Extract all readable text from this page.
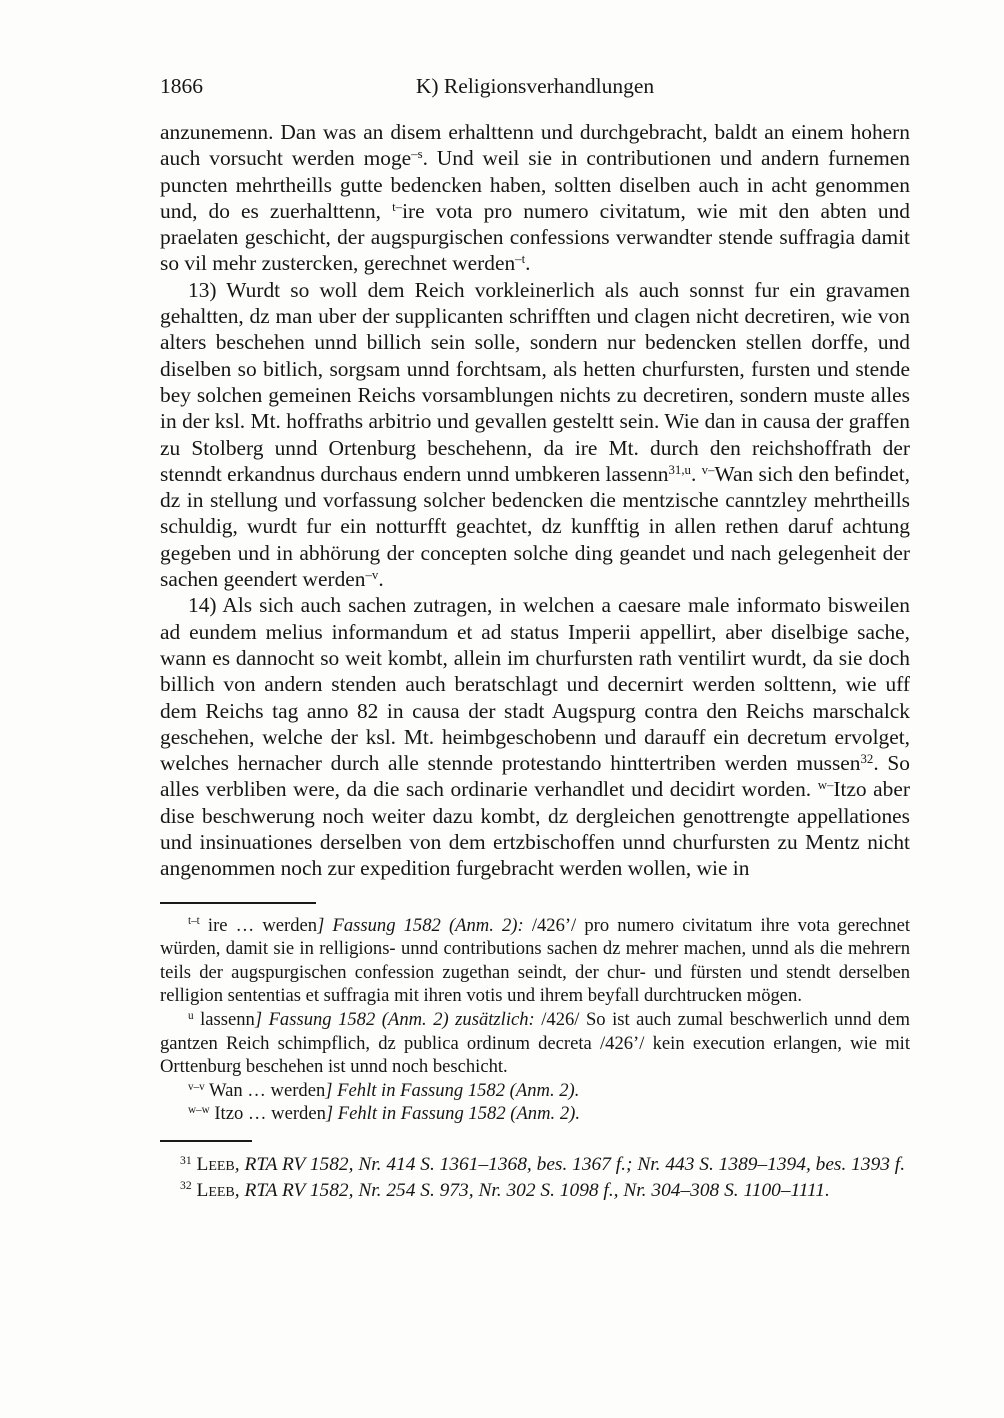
1866	K) Religionsverhandlungen

anzunemenn. Dan was an disem erhalttenn und durchgebracht, baldt an einem hohern auch vorsucht werden moge$^{-s}$. Und weil sie in contributionen und andern furnemen puncten mehrtheills gutte bedencken haben, soltten diselben auch in acht genommen und, do es zuerhalttenn, $^{t-}$ire vota pro numero civitatum, wie mit den abten und praelaten geschicht, der augspurgischen confessions verwandter stende suffragia damit so vil mehr zustercken, gerechnet werden$^{-t}$.

13) Wurdt so woll dem Reich vorkleinerlich als auch sonnst fur ein gravamen gehaltten, dz man uber der supplicanten schrifften und clagen nicht decretiren, wie von alters beschehen unnd billich sein solle, sondern nur bedencken stellen dorffe, und diselben so bitlich, sorgsam unnd forchtsam, als hetten churfursten, fursten und stende bey solchen gemeinen Reichs vorsamblungen nichts zu decretiren, sondern muste alles in der ksl. Mt. hoffraths arbitrio und gevallen gesteltt sein. Wie dan in causa der graffen zu Stolberg unnd Ortenburg beschehenn, da ire Mt. durch den reichshoffrath der stenndt erkandnus durchaus endern unnd umbkeren lassenn$^{31,u}$. $^{v-}$Wan sich den befindet, dz in stellung und vorfassung solcher bedencken die mentzische canntzley mehrtheills schuldig, wurdt fur ein notturfft geachtet, dz kunfftig in allen rethen daruf achtung gegeben und in abhörung der concepten solche ding geandet und nach gelegenheit der sachen geendert werden$^{-v}$.

14) Als sich auch sachen zutragen, in welchen a caesare male informato bisweilen ad eundem melius informandum et ad status Imperii appellirt, aber diselbige sache, wann es dannocht so weit kombt, allein im churfursten rath ventilirt wurdt, da sie doch billich von andern stenden auch beratschlagt und decernirt werden solttenn, wie uff dem Reichs tag anno 82 in causa der stadt Augspurg contra den Reichs marschalck geschehen, welche der ksl. Mt. heimbgeschobenn und darauff ein decretum ervolget, welches hernacher durch alle stennde protestando hinttertriben werden mussen$^{32}$. So alles verbliben were, da die sach ordinarie verhandlet und decidirt worden. $^{w-}$Itzo aber dise beschwerung noch weiter dazu kombt, dz dergleichen genottrengte appellationes und insinuationes derselben von dem ertzbischoffen unnd churfursten zu Mentz nicht angenommen noch zur expedition furgebracht werden wollen, wie in

$^{t-t}$ ire … werden] Fassung 1582 (Anm. 2): /426’/ pro numero civitatum ihre vota gerechnet würden, damit sie in relligions- unnd contributions sachen dz mehrer machen, unnd als die mehrern teils der augspurgischen confession zugethan seindt, der chur- und fürsten und stendt derselben relligion sententias et suffragia mit ihren votis und ihrem beyfall durchtrucken mögen.

$^u$ lassenn] Fassung 1582 (Anm. 2) zusätzlich: /426/ So ist auch zumal beschwerlich unnd dem gantzen Reich schimpflich, dz publica ordinum decreta /426’/ kein execution erlangen, wie mit Orttenburg beschehen ist unnd noch beschicht.

$^{v-v}$ Wan … werden] Fehlt in Fassung 1582 (Anm. 2).

$^{w-w}$ Itzo … werden] Fehlt in Fassung 1582 (Anm. 2).

$^{31}$ Leeb, RTA RV 1582, Nr. 414 S. 1361–1368, bes. 1367 f.; Nr. 443 S. 1389–1394, bes. 1393 f.

$^{32}$ Leeb, RTA RV 1582, Nr. 254 S. 973, Nr. 302 S. 1098 f., Nr. 304–308 S. 1100–1111.
